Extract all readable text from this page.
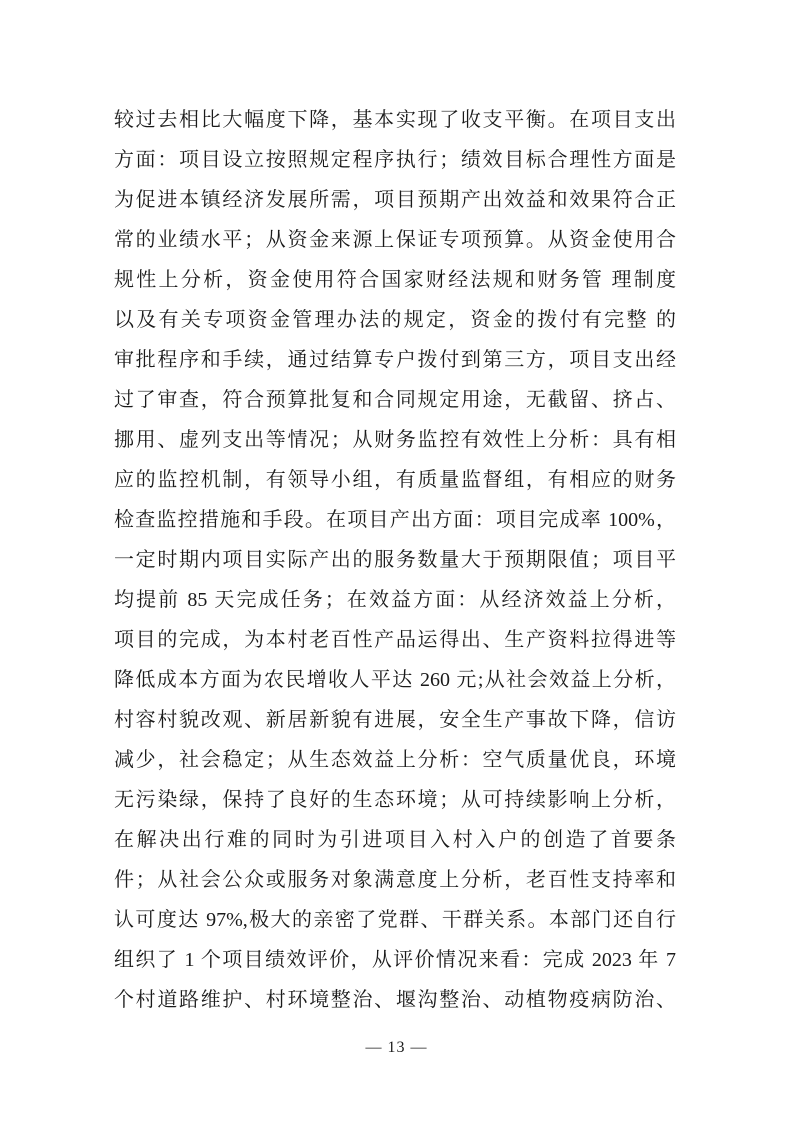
较过去相比大幅度下降，基本实现了收支平衡。在项目支出
方面：项目设立按照规定程序执行；绩效目标合理性方面是
为促进本镇经济发展所需，项目预期产出效益和效果符合正
常的业绩水平；从资金来源上保证专项预算。从资金使用合
规性上分析，资金使用符合国家财经法规和财务管 理制度
以及有关专项资金管理办法的规定，资金的拨付有完整 的
审批程序和手续，通过结算专户拨付到第三方，项目支出经
过了审查，符合预算批复和合同规定用途，无截留、挤占、
挪用、虚列支出等情况；从财务监控有效性上分析：具有相
应的监控机制，有领导小组，有质量监督组，有相应的财务
检查监控措施和手段。在项目产出方面：项目完成率 100%，
一定时期内项目实际产出的服务数量大于预期限值；项目平
均提前 85 天完成任务；在效益方面：从经济效益上分析，
项目的完成，为本村老百性产品运得出、生产资料拉得进等
降低成本方面为农民增收人平达 260 元;从社会效益上分析，
村容村貌改观、新居新貌有进展，安全生产事故下降，信访
减少，社会稳定；从生态效益上分析：空气质量优良，环境
无污染绿，保持了良好的生态环境；从可持续影响上分析，
在解决出行难的同时为引进项目入村入户的创造了首要条
件；从社会公众或服务对象满意度上分析，老百性支持率和
认可度达 97%,极大的亲密了党群、干群关系。本部门还自行
组织了 1 个项目绩效评价，从评价情况来看：完成 2023 年 7
个村道路维护、村环境整治、堰沟整治、动植物疫病防治、
— 13 —
